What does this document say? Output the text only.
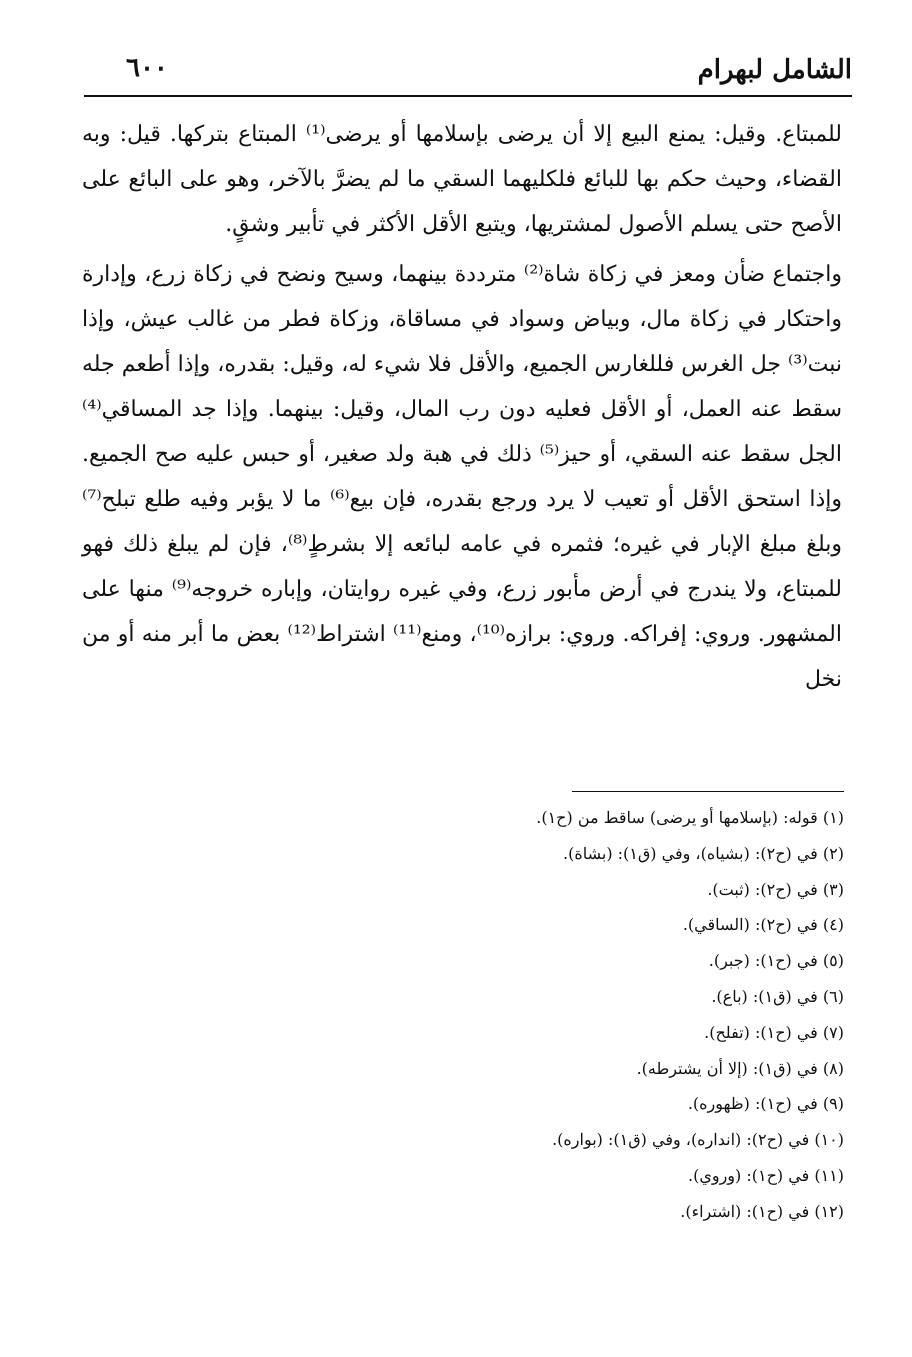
الشامل لبهرام
٦٠٠

للمبتاع. وقيل: يمنع البيع إلا أن يرضى بإسلامها أو يرضى⁽¹⁾ المبتاع بتركها. قيل: وبه القضاء، وحيث حكم بها للبائع فلكليهما السقي ما لم يضرَّ بالآخر، وهو على البائع على الأصح حتى يسلم الأصول لمشتريها، ويتبع الأقل الأكثر في تأبير وشقٍ.

واجتماع ضأن ومعز في زكاة شاة⁽²⁾ مترددة بينهما، وسيح ونضح في زكاة زرع، وإدارة واحتكار في زكاة مال، وبياض وسواد في مساقاة، وزكاة فطر من غالب عيش، وإذا نبت⁽³⁾ جل الغرس فللغارس الجميع، والأقل فلا شيء له، وقيل: بقدره، وإذا أطعم جله سقط عنه العمل، أو الأقل فعليه دون رب المال، وقيل: بينهما. وإذا جد المساقي⁽⁴⁾ الجل سقط عنه السقي، أو حيز⁽⁵⁾ ذلك في هبة ولد صغير، أو حبس عليه صح الجميع. وإذا استحق الأقل أو تعيب لا يرد ورجع بقدره، فإن بيع⁽⁶⁾ ما لا يؤبر وفيه طلع تبلح⁽⁷⁾ وبلغ مبلغ الإبار في غيره؛ فثمره في عامه لبائعه إلا بشرطٍ⁽⁸⁾، فإن لم يبلغ ذلك فهو للمبتاع، ولا يندرج في أرض مأبور زرع، وفي غيره روايتان، وإباره خروجه⁽⁹⁾ منها على المشهور. وروي: إفراكه. وروي: برازه⁽¹⁰⁾، ومنع⁽¹¹⁾ اشتراط⁽¹²⁾ بعض ما أبر منه أو من نخل

(١) قوله: (بإسلامها أو يرضى) ساقط من (ح١).
(٢) في (ح٢): (بشياه)، وفي (ق١): (بشاة).
(٣) في (ح٢): (ثبت).
(٤) في (ح٢): (الساقي).
(٥) في (ح١): (جبر).
(٦) في (ق١): (باع).
(٧) في (ح١): (تفلح).
(٨) في (ق١): (إلا أن يشترطه).
(٩) في (ح١): (ظهوره).
(١٠) في (ح٢): (انداره)، وفي (ق١): (بواره).
(١١) في (ح١): (وروي).
(١٢) في (ح١): (اشتراء).
